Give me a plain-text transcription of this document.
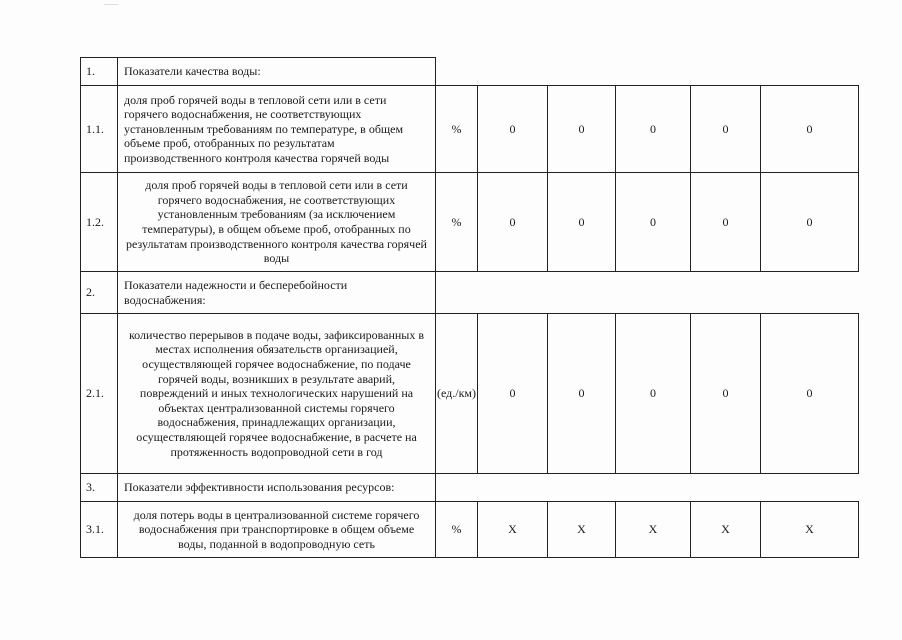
1.	Показатели качества воды:						
1.1.	доля проб горячей воды в тепловой сети или в сети горячего водоснабжения, не соответствующих установленным требованиям по температуре, в общем объеме проб, отобранных по результатам производственного контроля качества горячей воды	%	0	0	0	0	0
1.2.	доля проб горячей воды в тепловой сети или в сети горячего водоснабжения, не соответствующих установленным требованиям (за исключением температуры), в общем объеме проб, отобранных по результатам производственного контроля качества горячей воды	%	0	0	0	0	0
2.	Показатели надежности и бесперебойности водоснабжения:						
2.1.	количество перерывов в подаче воды, зафиксированных в местах исполнения обязательств организацией, осуществляющей горячее водоснабжение, по подаче горячей воды, возникших в результате аварий, повреждений и иных технологических нарушений на объектах централизованной системы горячего водоснабжения, принадлежащих организации, осуществляющей горячее водоснабжение, в расчете на протяженность водопроводной сети в год	(ед./км)	0	0	0	0	0
3.	Показатели эффективности использования ресурсов:						
3.1.	доля потерь воды в централизованной системе горячего водоснабжения при транспортировке в общем объеме воды, поданной в водопроводную сеть	%	X	X	X	X	X
